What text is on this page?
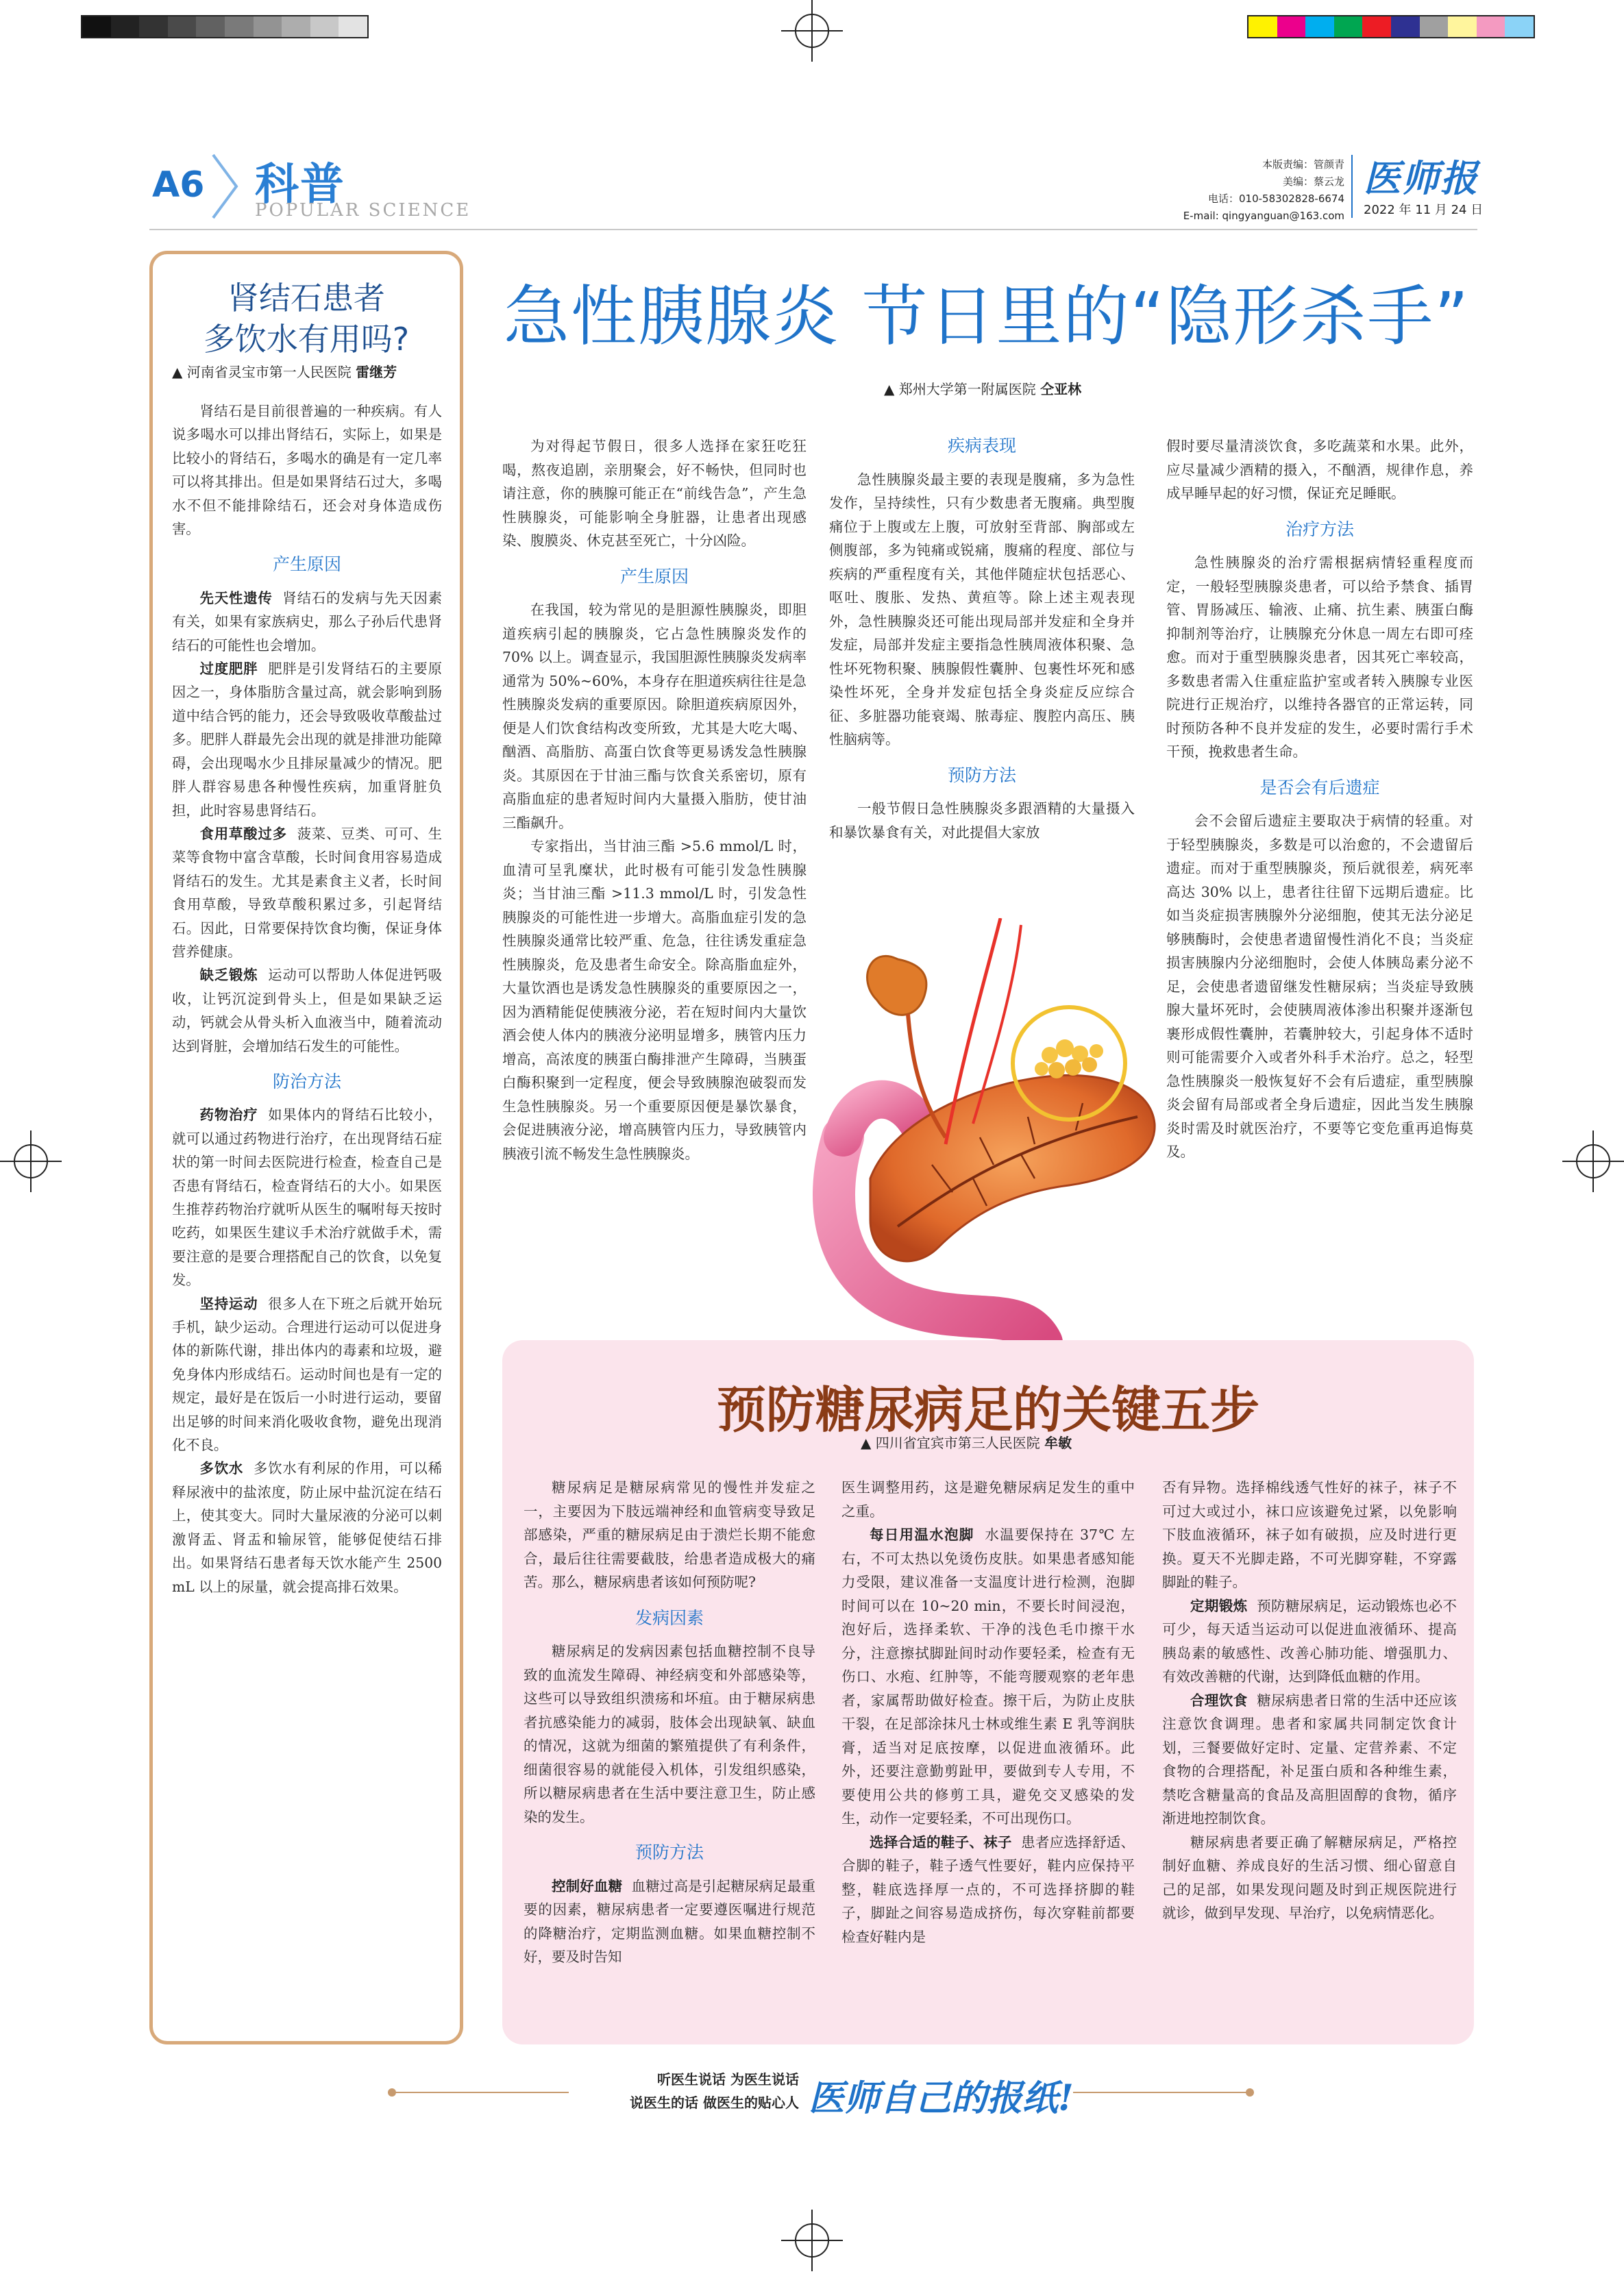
A6 科普
POPULAR SCIENCE
本版责编：管颜青
美编：蔡云龙
电话：010-58302828-6674
E-mail: qingyanguan@163.com
医师报
2022 年 11 月 24 日
肾结石患者
多饮水有用吗?
▲ 河南省灵宝市第一人民医院 雷继芳

肾结石是目前很普遍的一种疾病。有人说多喝水可以排出肾结石，实际上，如果是比较小的肾结石，多喝水的确是有一定几率可以将其排出。但是如果肾结石过大，多喝水不但不能排除结石，还会对身体造成伤害。

产生原因

先天性遗传 肾结石的发病与先天因素有关，如果有家族病史，那么子孙后代患肾结石的可能性也会增加。

过度肥胖 肥胖是引发肾结石的主要原因之一，身体脂肪含量过高，就会影响到肠道中结合钙的能力，还会导致吸收草酸盐过多。肥胖人群最先会出现的就是排泄功能障碍，会出现喝水少且排尿量减少的情况。肥胖人群容易患各种慢性疾病，加重肾脏负担，此时容易患肾结石。

食用草酸过多 菠菜、豆类、可可、生菜等食物中富含草酸，长时间食用容易造成肾结石的发生。尤其是素食主义者，长时间食用草酸，导致草酸积累过多，引起肾结石。因此，日常要保持饮食均衡，保证身体营养健康。

缺乏锻炼 运动可以帮助人体促进钙吸收，让钙沉淀到骨头上，但是如果缺乏运动，钙就会从骨头析入血液当中，随着流动达到肾脏，会增加结石发生的可能性。

防治方法

药物治疗 如果体内的肾结石比较小，就可以通过药物进行治疗，在出现肾结石症状的第一时间去医院进行检查，检查自己是否患有肾结石，检查肾结石的大小。如果医生推荐药物治疗就听从医生的嘱咐每天按时吃药，如果医生建议手术治疗就做手术，需要注意的是要合理搭配自己的饮食，以免复发。

坚持运动 很多人在下班之后就开始玩手机，缺少运动。合理进行运动可以促进身体的新陈代谢，排出体内的毒素和垃圾，避免身体内形成结石。运动时间也是有一定的规定，最好是在饭后一小时进行运动，要留出足够的时间来消化吸收食物，避免出现消化不良。

多饮水 多饮水有利尿的作用，可以稀释尿液中的盐浓度，防止尿中盐沉淀在结石上，使其变大。同时大量尿液的分泌可以刺激肾盂、肾盂和输尿管，能够促使结石排出。如果肾结石患者每天饮水能产生 2500 mL 以上的尿量，就会提高排石效果。

急性胰腺炎 节日里的“隐形杀手”
▲ 郑州大学第一附属医院 仝亚林

为对得起节假日，很多人选择在家狂吃狂喝，熬夜追剧，亲朋聚会，好不畅快，但同时也请注意，你的胰腺可能正在“前线告急”，产生急性胰腺炎，可能影响全身脏器，让患者出现感染、腹膜炎、休克甚至死亡，十分凶险。

产生原因

在我国，较为常见的是胆源性胰腺炎，即胆道疾病引起的胰腺炎，它占急性胰腺炎发作的 70% 以上。调查显示，我国胆源性胰腺炎发病率通常为 50%~60%，本身存在胆道疾病往往是急性胰腺炎发病的重要原因。除胆道疾病原因外，便是人们饮食结构改变所致，尤其是大吃大喝、酗酒、高脂肪、高蛋白饮食等更易诱发急性胰腺炎。其原因在于甘油三酯与饮食关系密切，原有高脂血症的患者短时间内大量摄入脂肪，使甘油三酯飙升。

专家指出，当甘油三酯 >5.6 mmol/L 时，血清可呈乳糜状，此时极有可能引发急性胰腺炎；当甘油三酯 >11.3 mmol/L 时，引发急性胰腺炎的可能性进一步增大。高脂血症引发的急性胰腺炎通常比较严重、危急，往往诱发重症急性胰腺炎，危及患者生命安全。除高脂血症外，大量饮酒也是诱发急性胰腺炎的重要原因之一，因为酒精能促使胰液分泌，若在短时间内大量饮酒会使人体内的胰液分泌明显增多，胰管内压力增高，高浓度的胰蛋白酶排泄产生障碍，当胰蛋白酶积聚到一定程度，便会导致胰腺泡破裂而发生急性胰腺炎。另一个重要原因便是暴饮暴食，会促进胰液分泌，增高胰管内压力，导致胰管内胰液引流不畅发生急性胰腺炎。

疾病表现

急性胰腺炎最主要的表现是腹痛，多为急性发作，呈持续性，只有少数患者无腹痛。典型腹痛位于上腹或左上腹，可放射至背部、胸部或左侧腹部，多为钝痛或锐痛，腹痛的程度、部位与疾病的严重程度有关，其他伴随症状包括恶心、呕吐、腹胀、发热、黄疸等。除上述主观表现外，急性胰腺炎还可能出现局部并发症和全身并发症，局部并发症主要指急性胰周液体积聚、急性坏死物积聚、胰腺假性囊肿、包裹性坏死和感染性坏死，全身并发症包括全身炎症反应综合征、多脏器功能衰竭、脓毒症、腹腔内高压、胰性脑病等。

预防方法

一般节假日急性胰腺炎多跟酒精的大量摄入和暴饮暴食有关，对此提倡大家放

假时要尽量清淡饮食，多吃蔬菜和水果。此外，应尽量减少酒精的摄入，不酗酒，规律作息，养成早睡早起的好习惯，保证充足睡眠。

治疗方法

急性胰腺炎的治疗需根据病情轻重程度而定，一般轻型胰腺炎患者，可以给予禁食、插胃管、胃肠减压、输液、止痛、抗生素、胰蛋白酶抑制剂等治疗，让胰腺充分休息一周左右即可痊愈。而对于重型胰腺炎患者，因其死亡率较高，多数患者需入住重症监护室或者转入胰腺专业医院进行正规治疗，以维持各器官的正常运转，同时预防各种不良并发症的发生，必要时需行手术干预，挽救患者生命。

是否会有后遗症

会不会留后遗症主要取决于病情的轻重。对于轻型胰腺炎，多数是可以治愈的，不会遗留后遗症。而对于重型胰腺炎，预后就很差，病死率高达 30% 以上，患者往往留下远期后遗症。比如当炎症损害胰腺外分泌细胞，使其无法分泌足够胰酶时，会使患者遗留慢性消化不良；当炎症损害胰腺内分泌细胞时，会使人体胰岛素分泌不足，会使患者遗留继发性糖尿病；当炎症导致胰腺大量坏死时，会使胰周液体渗出积聚并逐渐包裹形成假性囊肿，若囊肿较大，引起身体不适时则可能需要介入或者外科手术治疗。总之，轻型急性胰腺炎一般恢复好不会有后遗症，重型胰腺炎会留有局部或者全身后遗症，因此当发生胰腺炎时需及时就医治疗，不要等它变危重再追悔莫及。

预防糖尿病足的关键五步
▲ 四川省宜宾市第三人民医院 牟敏

糖尿病足是糖尿病常见的慢性并发症之一，主要因为下肢远端神经和血管病变导致足部感染，严重的糖尿病足由于溃烂长期不能愈合，最后往往需要截肢，给患者造成极大的痛苦。那么，糖尿病患者该如何预防呢?

发病因素

糖尿病足的发病因素包括血糖控制不良导致的血流发生障碍、神经病变和外部感染等，这些可以导致组织溃疡和坏疽。由于糖尿病患者抗感染能力的减弱，肢体会出现缺氧、缺血的情况，这就为细菌的繁殖提供了有利条件，细菌很容易的就能侵入机体，引发组织感染，所以糖尿病患者在生活中要注意卫生，防止感染的发生。

预防方法

控制好血糖 血糖过高是引起糖尿病足最重要的因素，糖尿病患者一定要遵医嘱进行规范的降糖治疗，定期监测血糖。如果血糖控制不好，要及时告知

医生调整用药，这是避免糖尿病足发生的重中之重。

每日用温水泡脚 水温要保持在 37℃ 左右，不可太热以免烫伤皮肤。如果患者感知能力受限，建议准备一支温度计进行检测，泡脚时间可以在 10~20 min，不要长时间浸泡，泡好后，选择柔软、干净的浅色毛巾擦干水分，注意擦拭脚趾间时动作要轻柔，检查有无伤口、水疱、红肿等，不能弯腰观察的老年患者，家属帮助做好检查。擦干后，为防止皮肤干裂，在足部涂抹凡士林或维生素 E 乳等润肤膏，适当对足底按摩，以促进血液循环。此外，还要注意勤剪趾甲，要做到专人专用，不要使用公共的修剪工具，避免交叉感染的发生，动作一定要轻柔，不可出现伤口。

选择合适的鞋子、袜子 患者应选择舒适、合脚的鞋子，鞋子透气性要好，鞋内应保持平整，鞋底选择厚一点的，不可选择挤脚的鞋子，脚趾之间容易造成挤伤，每次穿鞋前都要检查好鞋内是

否有异物。选择棉线透气性好的袜子，袜子不可过大或过小，袜口应该避免过紧，以免影响下肢血液循环，袜子如有破损，应及时进行更换。夏天不光脚走路，不可光脚穿鞋，不穿露脚趾的鞋子。

定期锻炼 预防糖尿病足，运动锻炼也必不可少，每天适当运动可以促进血液循环、提高胰岛素的敏感性、改善心肺功能、增强肌力、有效改善糖的代谢，达到降低血糖的作用。

合理饮食 糖尿病患者日常的生活中还应该注意饮食调理。患者和家属共同制定饮食计划，三餐要做好定时、定量、定营养素、不定食物的合理搭配，补足蛋白质和各种维生素，禁吃含糖量高的食品及高胆固醇的食物，循序渐进地控制饮食。

糖尿病患者要正确了解糖尿病足，严格控制好血糖、养成良好的生活习惯、细心留意自己的足部，如果发现问题及时到正规医院进行就诊，做到早发现、早治疗，以免病情恶化。

听医生说话 为医生说话
说医生的话 做医生的贴心人 医师自己的报纸!
